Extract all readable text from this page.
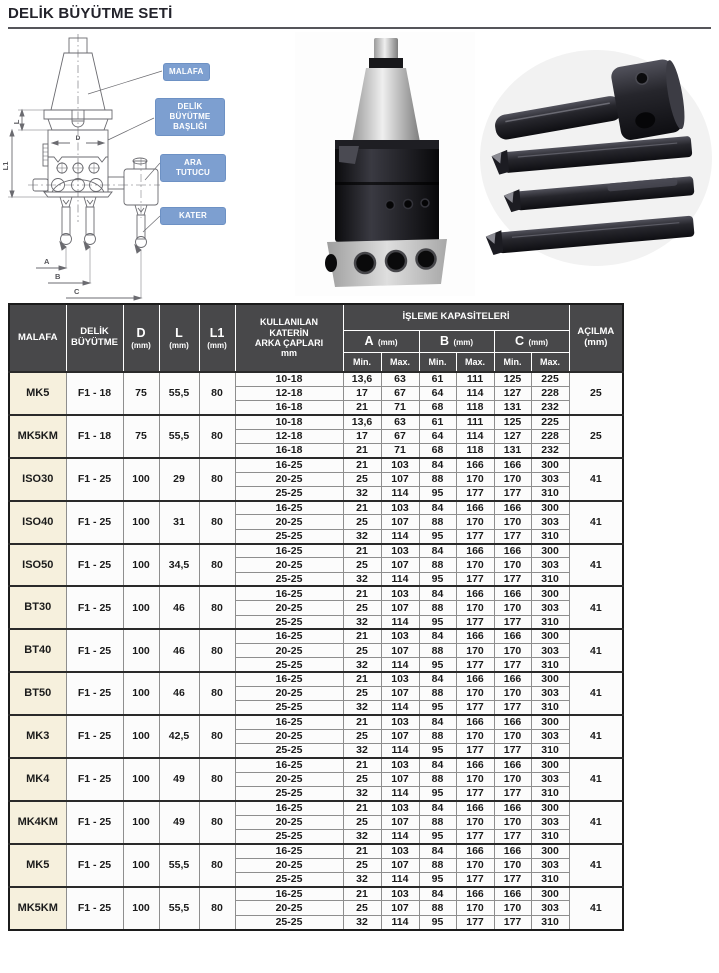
DELİK BÜYÜTME SETİ
D
L
L1
A
B
C
MALAFA
DELİK BÜYÜTME BAŞLIĞI
ARA TUTUCU
KATER
MALAFA	DELİK
BÜYÜTME

D
(mm)

L
(mm)

L1
(mm)

KULLANILAN
KATERİN
ARKA ÇAPLARI
mm
	İŞLEME KAPASİTELERİ	
AÇILMA
(mm)

						A (mm)		B (mm)		C (mm)		
						Min.	Max.	Min.	Max.	Min.	Max.	
MK5	F1 - 18	75	55,5	80	10-18	13,6	63	61	111	125	225	25
					12-18	17	67	64	114	127	228	
					16-18	21	71	68	118	131	232	
MK5KM	F1 - 18	75	55,5	80	10-18	13,6	63	61	111	125	225	25
					12-18	17	67	64	114	127	228	
					16-18	21	71	68	118	131	232	
ISO30	F1 - 25	100	29	80	16-25	21	103	84	166	166	300	41
					20-25	25	107	88	170	170	303	
					25-25	32	114	95	177	177	310	
ISO40	F1 - 25	100	31	80	16-25	21	103	84	166	166	300	41
					20-25	25	107	88	170	170	303	
					25-25	32	114	95	177	177	310	
ISO50	F1 - 25	100	34,5	80	16-25	21	103	84	166	166	300	41
					20-25	25	107	88	170	170	303	
					25-25	32	114	95	177	177	310	
BT30	F1 - 25	100	46	80	16-25	21	103	84	166	166	300	41
					20-25	25	107	88	170	170	303	
					25-25	32	114	95	177	177	310	
BT40	F1 - 25	100	46	80	16-25	21	103	84	166	166	300	41
					20-25	25	107	88	170	170	303	
					25-25	32	114	95	177	177	310	
BT50	F1 - 25	100	46	80	16-25	21	103	84	166	166	300	41
					20-25	25	107	88	170	170	303	
					25-25	32	114	95	177	177	310	
MK3	F1 - 25	100	42,5	80	16-25	21	103	84	166	166	300	41
					20-25	25	107	88	170	170	303	
					25-25	32	114	95	177	177	310	
MK4	F1 - 25	100	49	80	16-25	21	103	84	166	166	300	41
					20-25	25	107	88	170	170	303	
					25-25	32	114	95	177	177	310	
MK4KM	F1 - 25	100	49	80	16-25	21	103	84	166	166	300	41
					20-25	25	107	88	170	170	303	
					25-25	32	114	95	177	177	310	
MK5	F1 - 25	100	55,5	80	16-25	21	103	84	166	166	300	41
					20-25	25	107	88	170	170	303	
					25-25	32	114	95	177	177	310	
MK5KM	F1 - 25	100	55,5	80	16-25	21	103	84	166	166	300	41
					20-25	25	107	88	170	170	303	
					25-25	32	114	95	177	177	310	
